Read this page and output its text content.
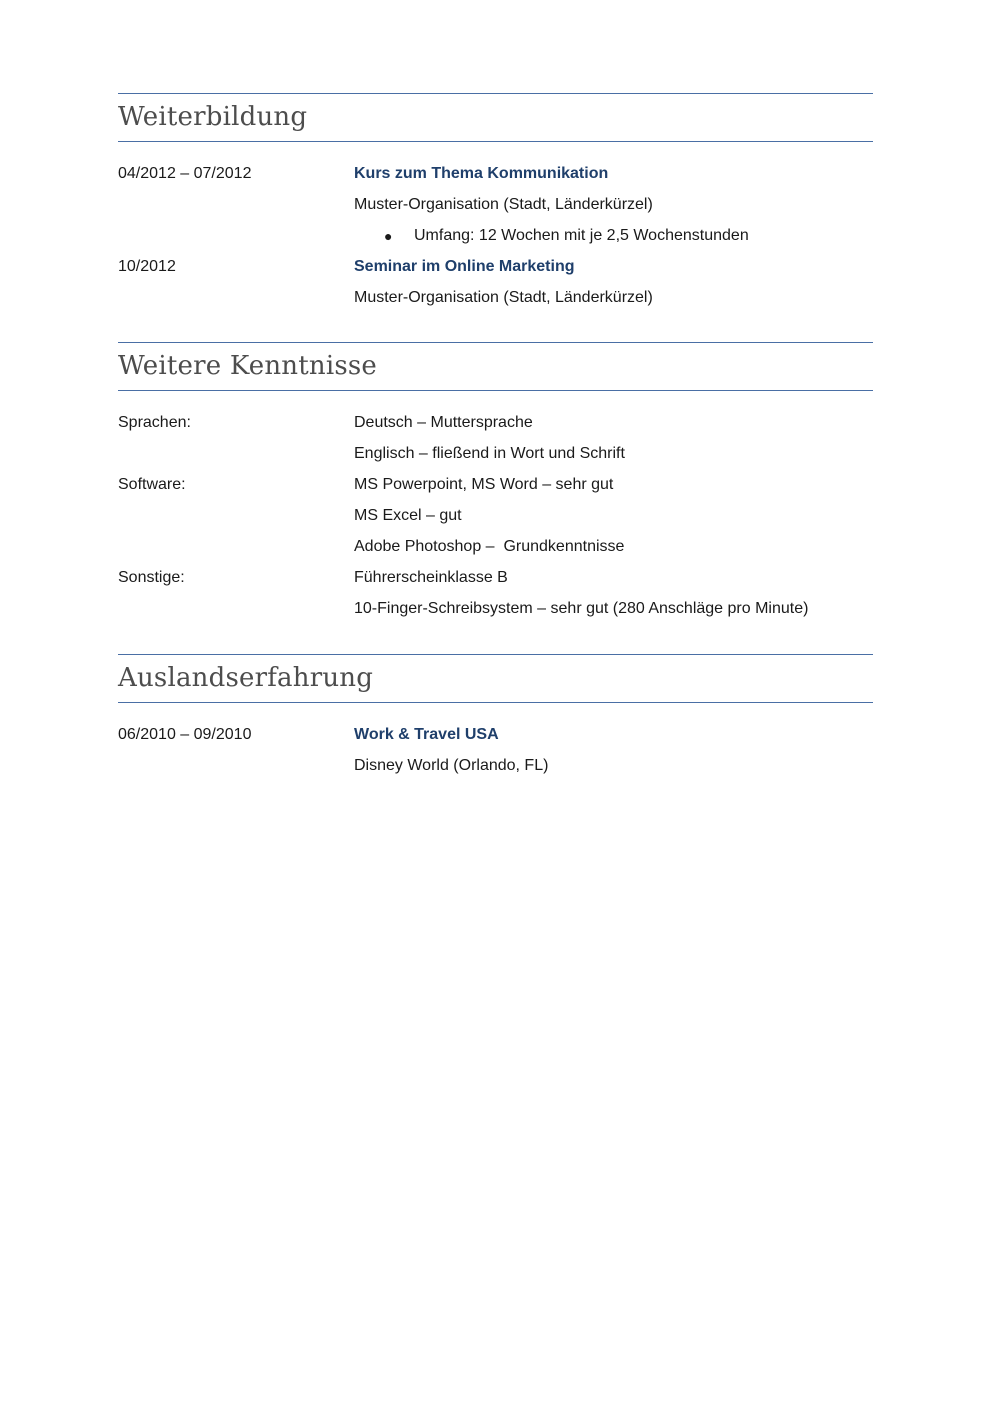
Weiterbildung
04/2012 – 07/2012	Kurs zum Thema Kommunikation
Muster-Organisation (Stadt, Länderkürzel)
● Umfang: 12 Wochen mit je 2,5 Wochenstunden
10/2012	Seminar im Online Marketing
Muster-Organisation (Stadt, Länderkürzel)
Weitere Kenntnisse
Sprachen:	Deutsch – Muttersprache
Englisch – fließend in Wort und Schrift
Software:	MS Powerpoint, MS Word – sehr gut
MS Excel – gut
Adobe Photoshop –  Grundkenntnisse
Sonstige:	Führerscheinklasse B
10-Finger-Schreibsystem – sehr gut (280 Anschläge pro Minute)
Auslandserfahrung
06/2010 – 09/2010	Work & Travel USA
Disney World (Orlando, FL)
